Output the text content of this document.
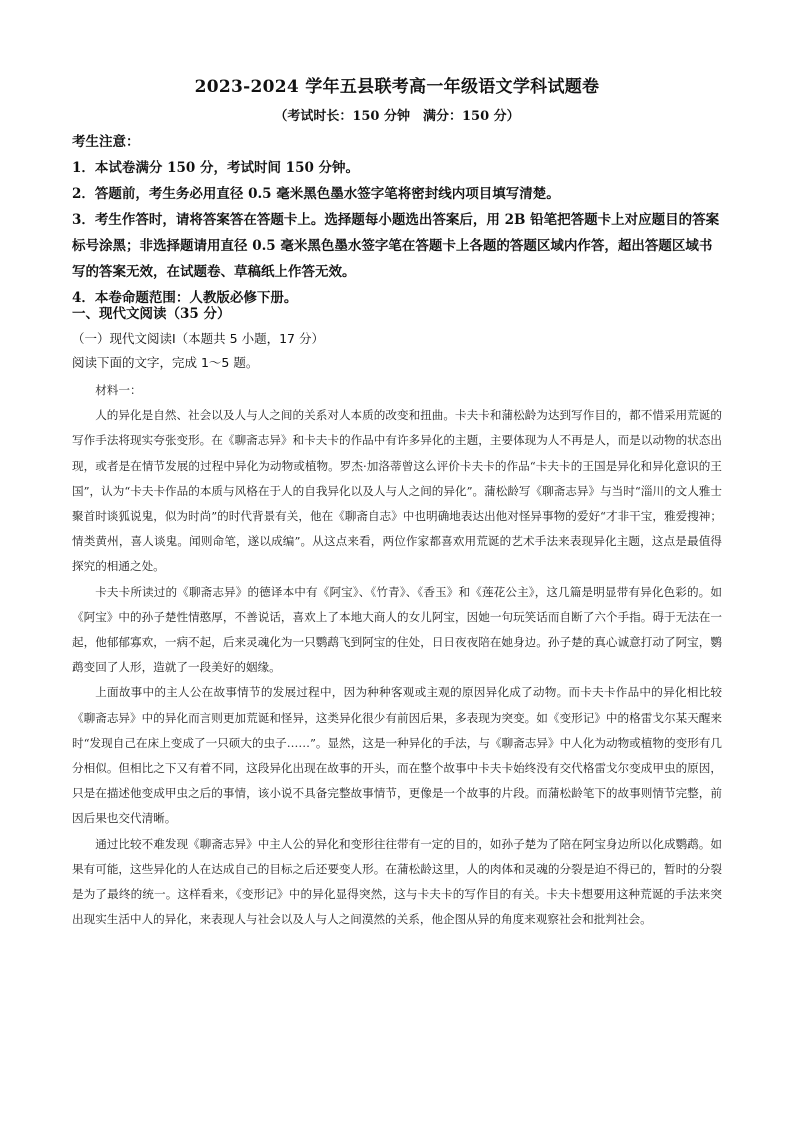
2023-2024 学年五县联考高一年级语文学科试题卷
（考试时长：150 分钟　满分：150 分）
考生注意：

1．本试卷满分 150 分，考试时间 150 分钟。

2．答题前，考生务必用直径 0.5 毫米黑色墨水签字笔将密封线内项目填写清楚。

3．考生作答时，请将答案答在答题卡上。选择题每小题选出答案后，用 2B 铅笔把答题卡上对应题目的答案标号涂黑；非选择题请用直径 0.5 毫米黑色墨水签字笔在答题卡上各题的答题区域内作答，超出答题区域书写的答案无效，在试题卷、草稿纸上作答无效。

4．本卷命题范围：人教版必修下册。

一、现代文阅读（35 分）
（一）现代文阅读Ⅰ（本题共 5 小题，17 分）
阅读下面的文字，完成 1～5 题。
材料一：

人的异化是自然、社会以及人与人之间的关系对人本质的改变和扭曲。卡夫卡和蒲松龄为达到写作目的，都不惜采用荒诞的写作手法将现实夸张变形。在《聊斋志异》和卡夫卡的作品中有许多异化的主题，主要体现为人不再是人，而是以动物的状态出现，或者是在情节发展的过程中异化为动物或植物。罗杰·加洛蒂曾这么评价卡夫卡的作品“卡夫卡的王国是异化和异化意识的王国”，认为“卡夫卡作品的本质与风格在于人的自我异化以及人与人之间的异化”。蒲松龄写《聊斋志异》与当时“淄川的文人雅士聚首时谈狐说鬼，似为时尚”的时代背景有关，他在《聊斋自志》中也明确地表达出他对怪异事物的爱好“才非干宝，雅爱搜神；情类黄州，喜人谈鬼。闻则命笔，遂以成编”。从这点来看，两位作家都喜欢用荒诞的艺术手法来表现异化主题，这点是最值得探究的相通之处。

卡夫卡所读过的《聊斋志异》的德译本中有《阿宝》、《竹青》、《香玉》和《莲花公主》，这几篇是明显带有异化色彩的。如《阿宝》中的孙子楚性情憨厚，不善说话，喜欢上了本地大商人的女儿阿宝，因她一句玩笑话而自断了六个手指。碍于无法在一起，他郁郁寡欢，一病不起，后来灵魂化为一只鹦鹉飞到阿宝的住处，日日夜夜陪在她身边。孙子楚的真心诚意打动了阿宝，鹦鹉变回了人形，造就了一段美好的姻缘。

上面故事中的主人公在故事情节的发展过程中，因为种种客观或主观的原因异化成了动物。而卡夫卡作品中的异化相比较《聊斋志异》中的异化而言则更加荒诞和怪异，这类异化很少有前因后果，多表现为突变。如《变形记》中的格雷戈尔某天醒来时“发现自己在床上变成了一只硕大的虫子……”。显然，这是一种异化的手法，与《聊斋志异》中人化为动物或植物的变形有几分相似。但相比之下又有着不同，这段异化出现在故事的开头，而在整个故事中卡夫卡始终没有交代格雷戈尔变成甲虫的原因，只是在描述他变成甲虫之后的事情，该小说不具备完整故事情节，更像是一个故事的片段。而蒲松龄笔下的故事则情节完整，前因后果也交代清晰。

通过比较不难发现《聊斋志异》中主人公的异化和变形往往带有一定的目的，如孙子楚为了陪在阿宝身边所以化成鹦鹉。如果有可能，这些异化的人在达成自己的目标之后还要变人形。在蒲松龄这里，人的肉体和灵魂的分裂是迫不得已的，暂时的分裂是为了最终的统一。这样看来，《变形记》中的异化显得突然，这与卡夫卡的写作目的有关。卡夫卡想要用这种荒诞的手法来突出现实生活中人的异化，来表现人与社会以及人与人之间漠然的关系，他企图从异的角度来观察社会和批判社会。
